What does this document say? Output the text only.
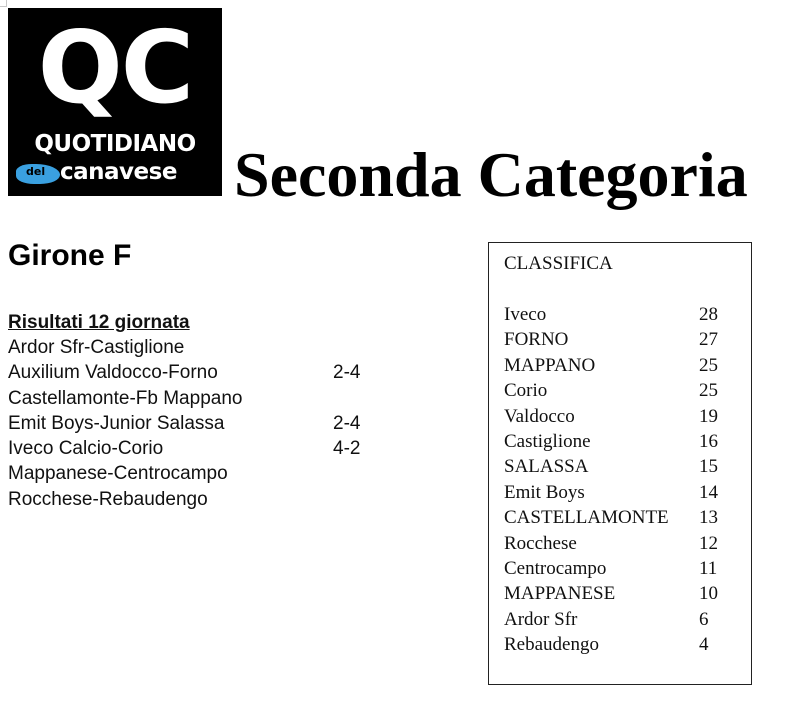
QC
QUOTIDIANO
del canavese Seconda Categoria
Girone F
Risultati 12 giornata
Ardor Sfr-Castiglione
Auxilium Valdocco-Forno	2-4
Castellamonte-Fb Mappano
Emit Boys-Junior Salassa	2-4
Iveco Calcio-Corio	4-2
Mappanese-Centrocampo
Rocchese-Rebaudengo
CLASSIFICA
Iveco	28
FORNO	27
MAPPANO	25
Corio	25
Valdocco	19
Castiglione	16
SALASSA	15
Emit Boys	14
CASTELLAMONTE 13
Rocchese	12
Centrocampo	11
MAPPANESE	10
Ardor Sfr	6
Rebaudengo	4
